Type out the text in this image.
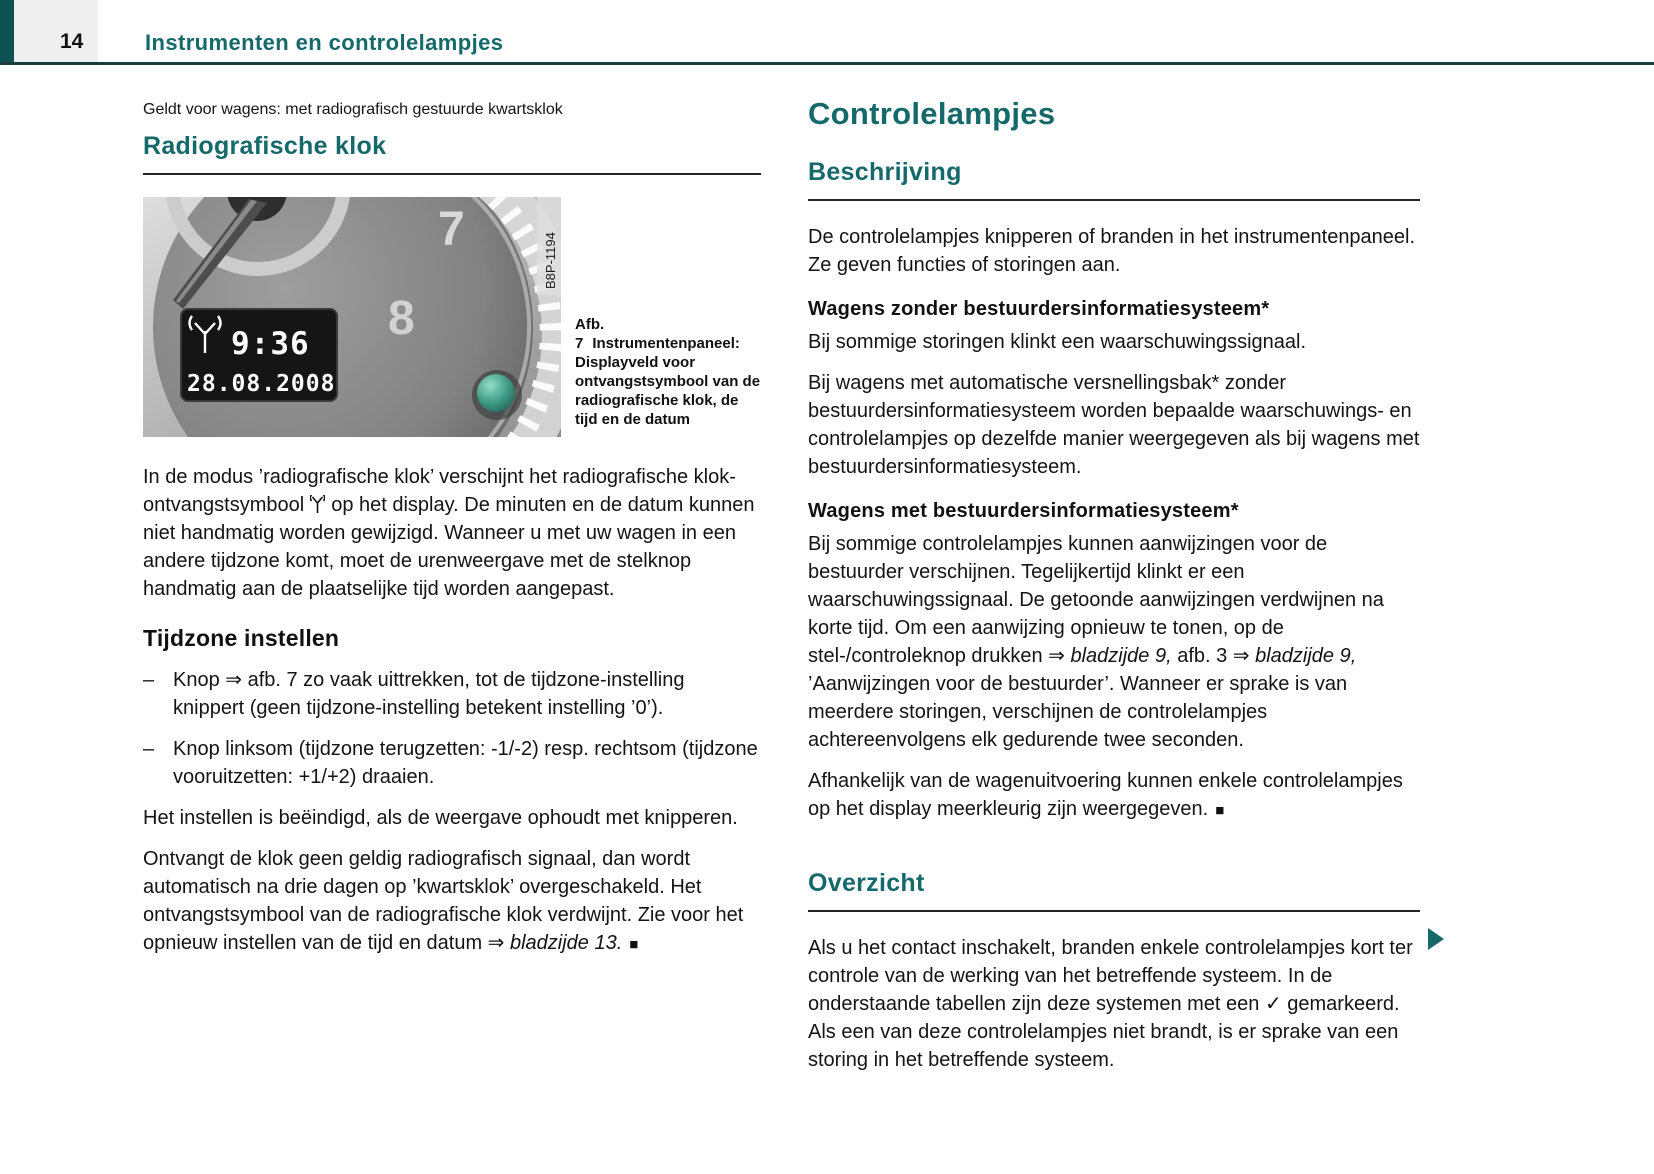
14	Instrumenten en controlelampjes
Geldt voor wagens: met radiografisch gestuurde kwartsklok
Radiografische klok
7
8
9:36
28.08.2008
B8P-1194
Afb. 7 Instrumentenpaneel: Displayveld voor ontvangstsymbool van de radiografische klok, de tijd en de datum

In de modus ’radiografische klok’ verschijnt het radiografische klok-ontvangstsymbool op het display. De minuten en de datum kunnen niet handmatig worden gewijzigd. Wanneer u met uw wagen in een andere tijdzone komt, moet de urenweergave met de stelknop handmatig aan de plaatselijke tijd worden aangepast.

Tijdzone instellen
– Knop ⇒ afb. 7 zo vaak uittrekken, tot de tijdzone-instelling knippert (geen tijdzone-instelling betekent instelling ’0’).
– Knop linksom (tijdzone terugzetten: -1/-2) resp. rechtsom (tijdzone vooruitzetten: +1/+2) draaien.

Het instellen is beëindigd, als de weergave ophoudt met knipperen.

Ontvangt de klok geen geldig radiografisch signaal, dan wordt automatisch na drie dagen op ’kwartsklok’ overgeschakeld. Het ontvangstsymbool van de radiografische klok verdwijnt. Zie voor het opnieuw instellen van de tijd en datum ⇒ bladzijde 13. ■

Controlelampjes
Beschrijving

De controlelampjes knipperen of branden in het instrumentenpaneel. Ze geven functies of storingen aan.

Wagens zonder bestuurdersinformatiesysteem*

Bij sommige storingen klinkt een waarschuwingssignaal.

Bij wagens met automatische versnellingsbak* zonder bestuurdersinformatiesysteem worden bepaalde waarschuwings- en controlelampjes op dezelfde manier weergegeven als bij wagens met bestuurdersinformatiesysteem.

Wagens met bestuurdersinformatiesysteem*

Bij sommige controlelampjes kunnen aanwijzingen voor de bestuurder verschijnen. Tegelijkertijd klinkt er een waarschuwingssignaal. De getoonde aanwijzingen verdwijnen na korte tijd. Om een aanwijzing opnieuw te tonen, op de stel-/controleknop drukken ⇒ bladzijde 9, afb. 3 ⇒ bladzijde 9, ’Aanwijzingen voor de bestuurder’. Wanneer er sprake is van meerdere storingen, verschijnen de controlelampjes achtereenvolgens elk gedurende twee seconden.

Afhankelijk van de wagenuitvoering kunnen enkele controlelampjes op het display meerkleurig zijn weergegeven. ■

Overzicht

Als u het contact inschakelt, branden enkele controlelampjes kort ter controle van de werking van het betreffende systeem. In de onderstaande tabellen zijn deze systemen met een ✓ gemarkeerd. Als een van deze controlelampjes niet brandt, is er sprake van een storing in het betreffende systeem.
